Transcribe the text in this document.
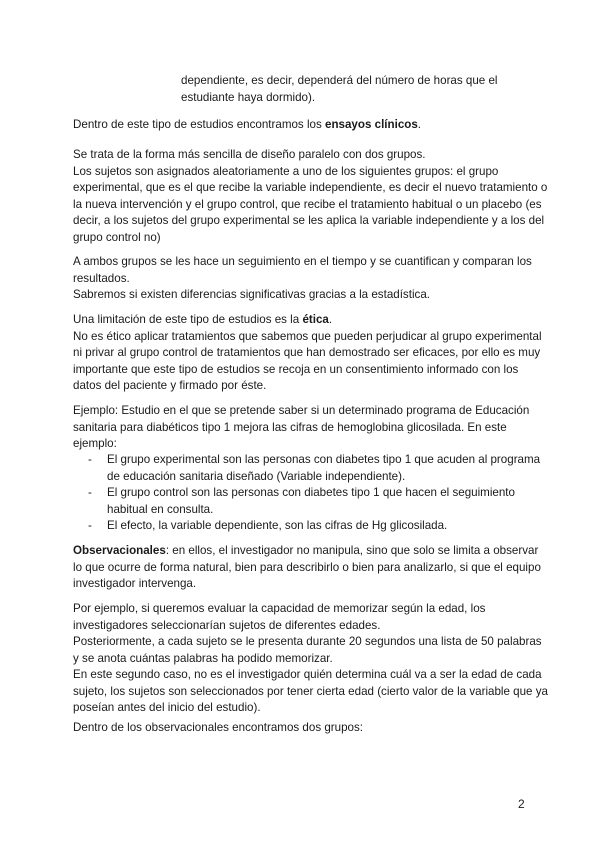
dependiente, es decir, dependerá del número de horas que el
estudiante haya dormido).

Dentro de este tipo de estudios encontramos los ensayos clínicos.

Se trata de la forma más sencilla de diseño paralelo con dos grupos.
Los sujetos son asignados aleatoriamente a uno de los siguientes grupos: el grupo
experimental, que es el que recibe la variable independiente, es decir el nuevo tratamiento o
la nueva intervención y el grupo control, que recibe el tratamiento habitual o un placebo (es
decir, a los sujetos del grupo experimental se les aplica la variable independiente y a los del
grupo control no)

A ambos grupos se les hace un seguimiento en el tiempo y se cuantifican y comparan los
resultados.
Sabremos si existen diferencias significativas gracias a la estadística.

Una limitación de este tipo de estudios es la ética.
No es ético aplicar tratamientos que sabemos que pueden perjudicar al grupo experimental
ni privar al grupo control de tratamientos que han demostrado ser eficaces, por ello es muy
importante que este tipo de estudios se recoja en un consentimiento informado con los
datos del paciente y firmado por éste.

Ejemplo: Estudio en el que se pretende saber si un determinado programa de Educación
sanitaria para diabéticos tipo 1 mejora las cifras de hemoglobina glicosilada. En este
ejemplo:

- El grupo experimental son las personas con diabetes tipo 1 que acuden al programa
de educación sanitaria diseñado (Variable independiente).
- El grupo control son las personas con diabetes tipo 1 que hacen el seguimiento
habitual en consulta.
- El efecto, la variable dependiente, son las cifras de Hg glicosilada.

Observacionales: en ellos, el investigador no manipula, sino que solo se limita a observar
lo que ocurre de forma natural, bien para describirlo o bien para analizarlo, si que el equipo
investigador intervenga.

Por ejemplo, si queremos evaluar la capacidad de memorizar según la edad, los
investigadores seleccionarían sujetos de diferentes edades.
Posteriormente, a cada sujeto se le presenta durante 20 segundos una lista de 50 palabras
y se anota cuántas palabras ha podido memorizar.
En este segundo caso, no es el investigador quién determina cuál va a ser la edad de cada
sujeto, los sujetos son seleccionados por tener cierta edad (cierto valor de la variable que ya
poseían antes del inicio del estudio).

Dentro de los observacionales encontramos dos grupos:

2
